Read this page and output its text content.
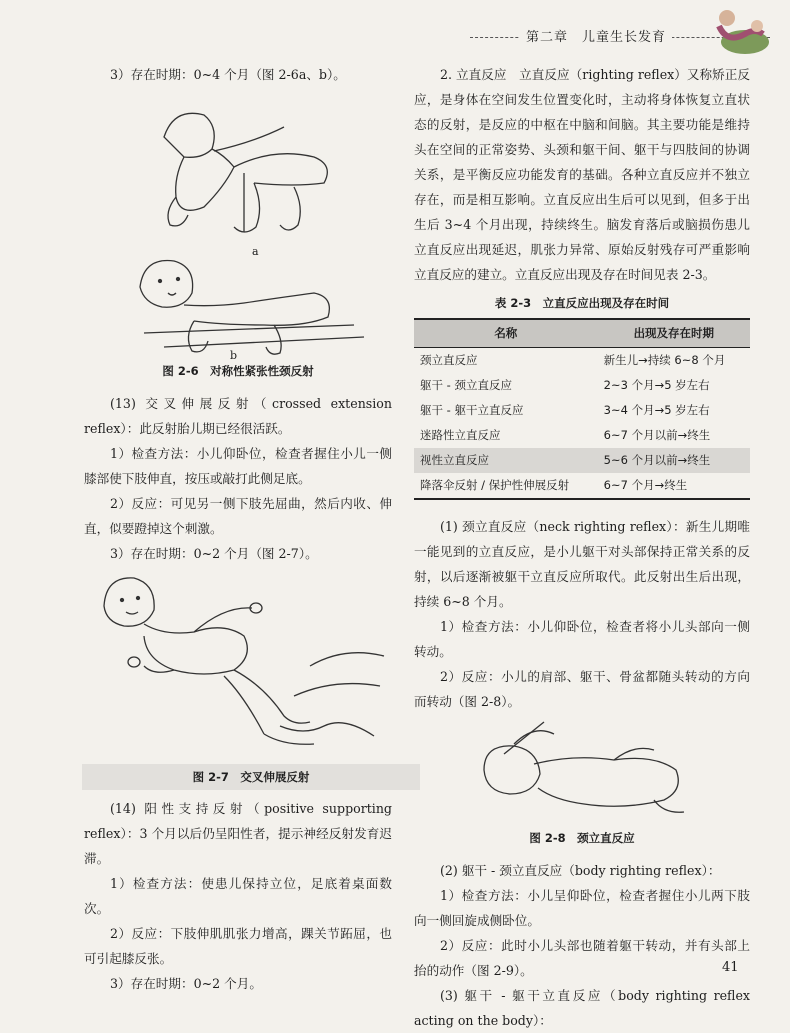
第二章　儿童生长发育

3）存在时期：0~4 个月（图 2-6a、b）。

a
b
图 2-6　对称性紧张性颈反射

(13) 交叉伸展反射（crossed extension reflex）：此反射胎儿期已经很活跃。

1）检查方法：小儿仰卧位，检查者握住小儿一侧膝部使下肢伸直，按压或敲打此侧足底。

2）反应：可见另一侧下肢先屈曲，然后内收、伸直，似要蹬掉这个刺激。

3）存在时期：0~2 个月（图 2-7）。

图 2-7　交叉伸展反射

(14) 阳性支持反射（positive supporting reflex）：3 个月以后仍呈阳性者，提示神经反射发育迟滞。

1）检查方法：使患儿保持立位，足底着桌面数次。

2）反应：下肢伸肌肌张力增高，踝关节跖屈，也可引起膝反张。

3）存在时期：0~2 个月。

2. 立直反应　立直反应（righting reflex）又称矫正反应，是身体在空间发生位置变化时，主动将身体恢复立直状态的反射，是反应的中枢在中脑和间脑。其主要功能是维持头在空间的正常姿势、头颈和躯干间、躯干与四肢间的协调关系，是平衡反应功能发育的基础。各种立直反应并不独立存在，而是相互影响。立直反应出生后可以见到，但多于出生后 3~4 个月出现，持续终生。脑发育落后或脑损伤患儿立直反应出现延迟，肌张力异常、原始反射残存可严重影响立直反应的建立。立直反应出现及存在时间见表 2-3。

表 2-3　立直反应出现及存在时间
名称	出现及存在时期
颈立直反应	新生儿→持续 6~8 个月
躯干 - 颈立直反应	2~3 个月→5 岁左右
躯干 - 躯干立直反应	3~4 个月→5 岁左右
迷路性立直反应	6~7 个月以前→终生
视性立直反应	5~6 个月以前→终生
降落伞反射 / 保护性伸展反射	6~7 个月→终生

(1) 颈立直反应（neck righting reflex）：新生儿期唯一能见到的立直反应，是小儿躯干对头部保持正常关系的反射，以后逐渐被躯干立直反应所取代。此反射出生后出现，持续 6~8 个月。

1）检查方法：小儿仰卧位，检查者将小儿头部向一侧转动。

2）反应：小儿的肩部、躯干、骨盆都随头转动的方向而转动（图 2-8）。

图 2-8　颈立直反应

(2) 躯干 - 颈立直反应（body righting reflex）：

1）检查方法：小儿呈仰卧位，检查者握住小儿两下肢向一侧回旋成侧卧位。

2）反应：此时小儿头部也随着躯干转动，并有头部上抬的动作（图 2-9）。

(3) 躯干 - 躯干立直反应（body righting reflex acting on the body）：

41
